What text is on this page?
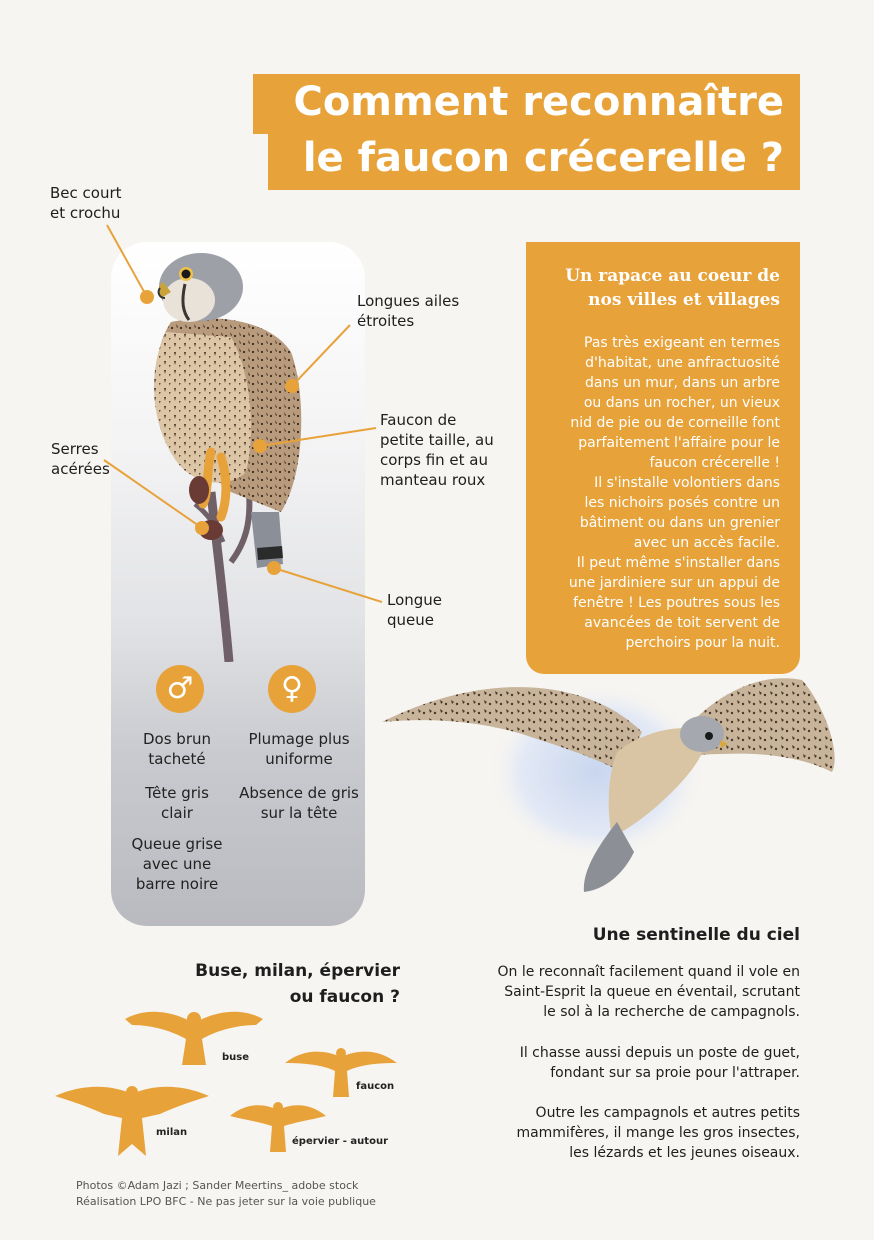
Comment reconnaître
le faucon crécerelle ?
Bec court
et crochu
Longues ailes
étroites
Faucon de
petite taille, au
corps fin et au
manteau roux
Serres
acérées
Longue
queue
♂	♀
Dos brun
tacheté
Tête gris
clair
Queue grise
avec une
barre noire
Plumage plus
uniforme
Absence de gris
sur la tête
Un rapace au coeur de
nos villes et villages
Pas très exigeant en termes
d'habitat, une anfractuosité
dans un mur, dans un arbre
ou dans un rocher, un vieux
nid de pie ou de corneille font
parfaitement l'affaire pour le
faucon crécerelle !
Il s'installe volontiers dans
les nichoirs posés contre un
bâtiment ou dans un grenier
avec un accès facile.
Il peut même s'installer dans
une jardiniere sur un appui de
fenêtre ! Les poutres sous les
avancées de toit servent de
perchoirs pour la nuit.
Une sentinelle du ciel
On le reconnaît facilement quand il vole en
Saint-Esprit la queue en éventail, scrutant
le sol à la recherche de campagnols.
Il chasse aussi depuis un poste de guet,
fondant sur sa proie pour l'attraper.
Outre les campagnols et autres petits
mammifères, il mange les gros insectes,
les lézards et les jeunes oiseaux.
Buse, milan, épervier
ou faucon ?
buse
faucon
milan
épervier - autour
Photos ©Adam Jazi ; Sander Meertins_ adobe stock
Réalisation LPO BFC - Ne pas jeter sur la voie publique
